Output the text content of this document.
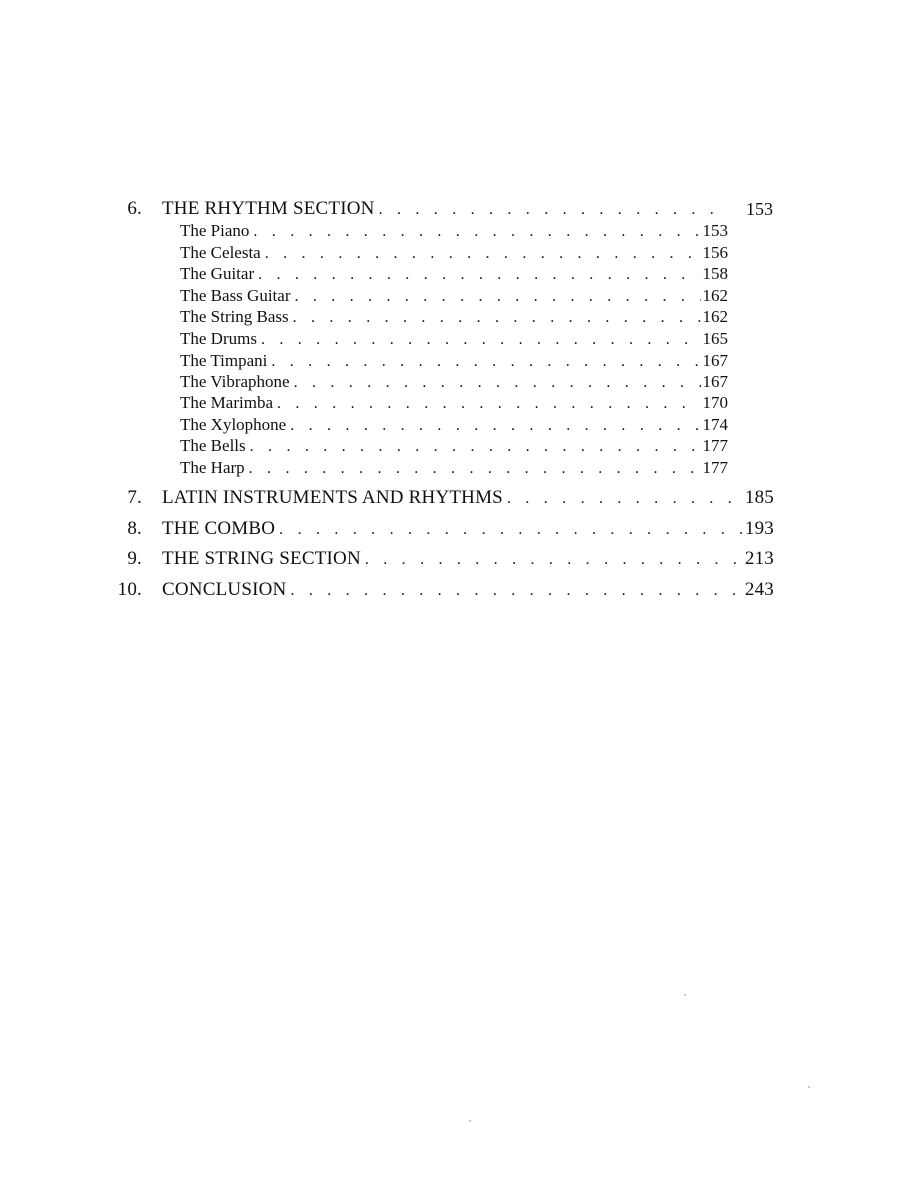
6. THE RHYTHM SECTION . . .	153
The Piano . . .	153
The Celesta . . .	156
The Guitar . . .	158
The Bass Guitar . . .	162
The String Bass . . .	162
The Drums . . .	165
The Timpani . . .	167
The Vibraphone . . .	167
The Marimba . . .	170
The Xylophone . . .	174
The Bells . . .	177
The Harp . . .	177
7. LATIN INSTRUMENTS AND RHYTHMS . . .	185
8. THE COMBO . . .	193
9. THE STRING SECTION . . .	213
10. CONCLUSION . . .	243
